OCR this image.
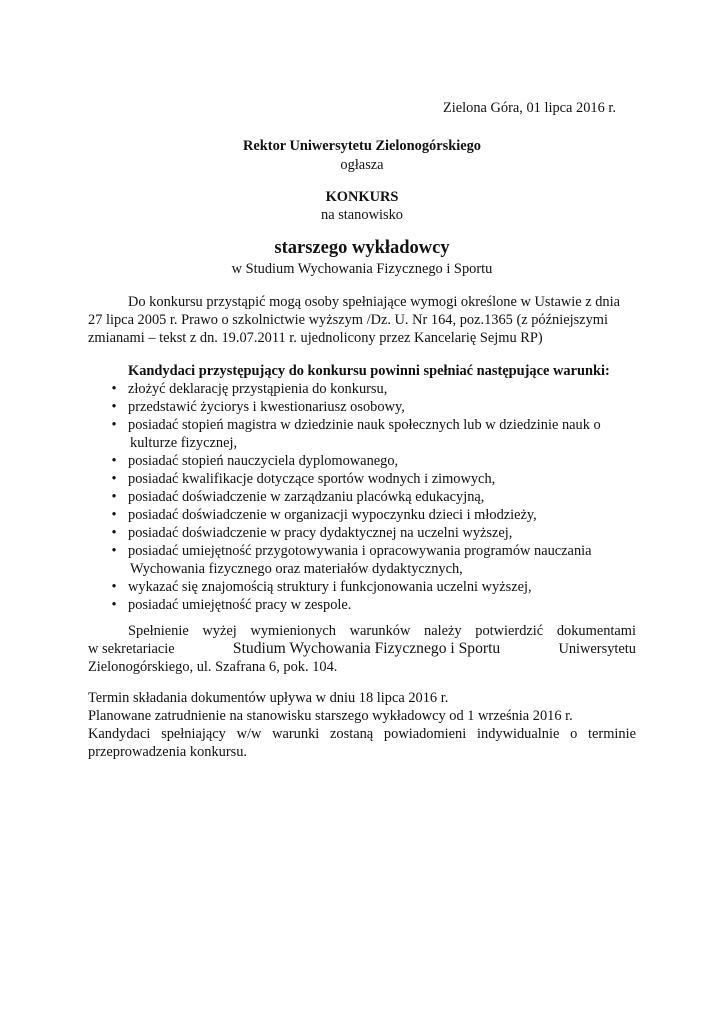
Zielona Góra, 01 lipca 2016 r.
Rektor Uniwersytetu Zielonogórskiego
ogłasza
KONKURS
na stanowisko
starszego wykładowcy
w Studium Wychowania Fizycznego i Sportu
Do konkursu przystąpić mogą osoby spełniające wymogi określone w Ustawie z dnia
27 lipca 2005 r. Prawo o szkolnictwie wyższym /Dz. U. Nr 164, poz.1365 (z późniejszymi
zmianami – tekst z dn. 19.07.2011 r. ujednolicony przez Kancelarię Sejmu RP)
Kandydaci przystępujący do konkursu powinni spełniać następujące warunki:
• złożyć deklarację przystąpienia do konkursu,
• przedstawić życiorys i kwestionariusz osobowy,
• posiadać stopień magistra w dziedzinie nauk społecznych lub w dziedzinie nauk o
kulturze fizycznej,
• posiadać stopień nauczyciela dyplomowanego,
• posiadać kwalifikacje dotyczące sportów wodnych i zimowych,
• posiadać doświadczenie w zarządzaniu placówką edukacyjną,
• posiadać doświadczenie w organizacji wypoczynku dzieci i młodzieży,
• posiadać doświadczenie w pracy dydaktycznej na uczelni wyższej,
• posiadać umiejętność przygotowywania i opracowywania programów nauczania
Wychowania fizycznego oraz materiałów dydaktycznych,
• wykazać się znajomością struktury i funkcjonowania uczelni wyższej,
• posiadać umiejętność pracy w zespole.
Spełnienie wyżej wymienionych warunków należy potwierdzić dokumentami
w sekretariacie	Studium Wychowania Fizycznego i Sportu	Uniwersytetu
Zielonogórskiego, ul. Szafrana 6, pok. 104.
Termin składania dokumentów upływa w dniu 18 lipca 2016 r.
Planowane zatrudnienie na stanowisku starszego wykładowcy od 1 września 2016 r.
Kandydaci spełniający w/w warunki zostaną powiadomieni indywidualnie o terminie
przeprowadzenia konkursu.
